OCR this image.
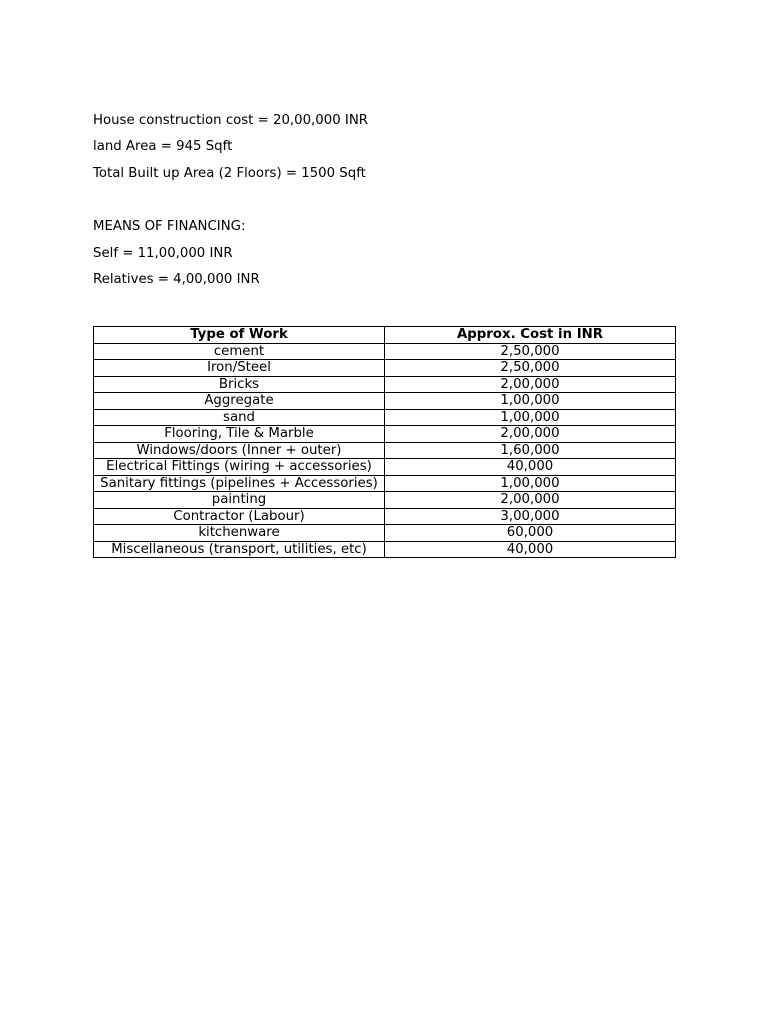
House construction cost = 20,00,000 INR
land Area = 945 Sqft
Total Built up Area (2 Floors) = 1500 Sqft
MEANS OF FINANCING:
Self = 11,00,000 INR
Relatives = 4,00,000 INR
Type of Work	Approx. Cost in INR
cement	2,50,000
Iron/Steel	2,50,000
Bricks	2,00,000
Aggregate	1,00,000
sand	1,00,000
Flooring, Tile & Marble	2,00,000
Windows/doors (Inner + outer)	1,60,000
Electrical Fittings (wiring + accessories)	40,000
Sanitary fittings (pipelines + Accessories)	1,00,000
painting	2,00,000
Contractor (Labour)	3,00,000
kitchenware	60,000
Miscellaneous (transport, utilities, etc)	40,000
